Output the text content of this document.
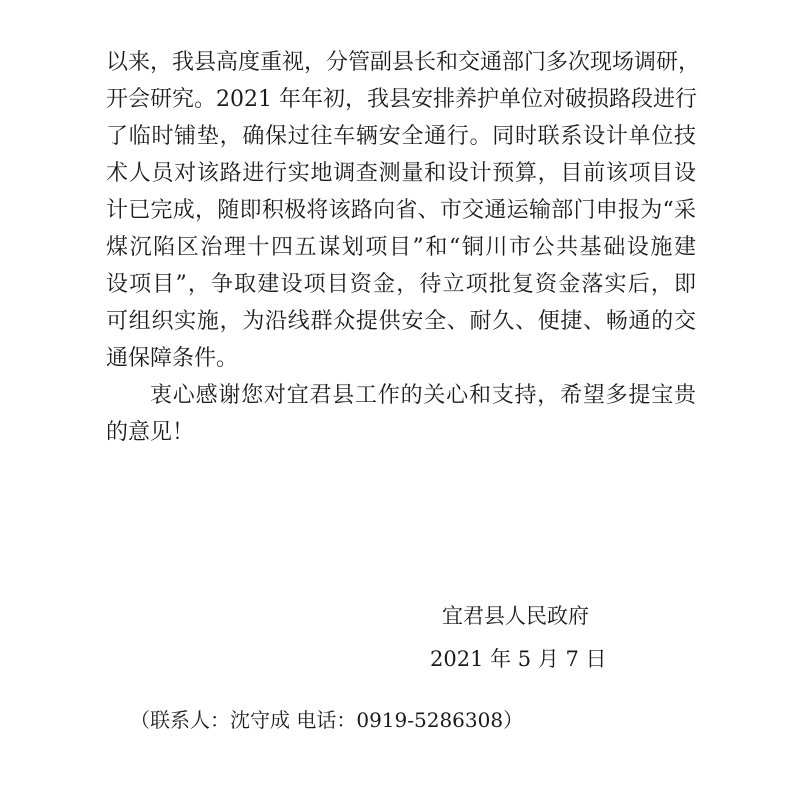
以来，我县高度重视，分管副县长和交通部门多次现场调研，
开会研究。2021 年年初，我县安排养护单位对破损路段进行
了临时铺垫，确保过往车辆安全通行。同时联系设计单位技
术人员对该路进行实地调查测量和设计预算，目前该项目设
计已完成，随即积极将该路向省、市交通运输部门申报为“采
煤沉陷区治理十四五谋划项目”和“铜川市公共基础设施建
设项目”，争取建设项目资金，待立项批复资金落实后，即
可组织实施，为沿线群众提供安全、耐久、便捷、畅通的交
通保障条件。
衷心感谢您对宜君县工作的关心和支持，希望多提宝贵
的意见！
宜君县人民政府
2021 年 5 月 7 日
（联系人：沈守成 电话：0919-5286308）
